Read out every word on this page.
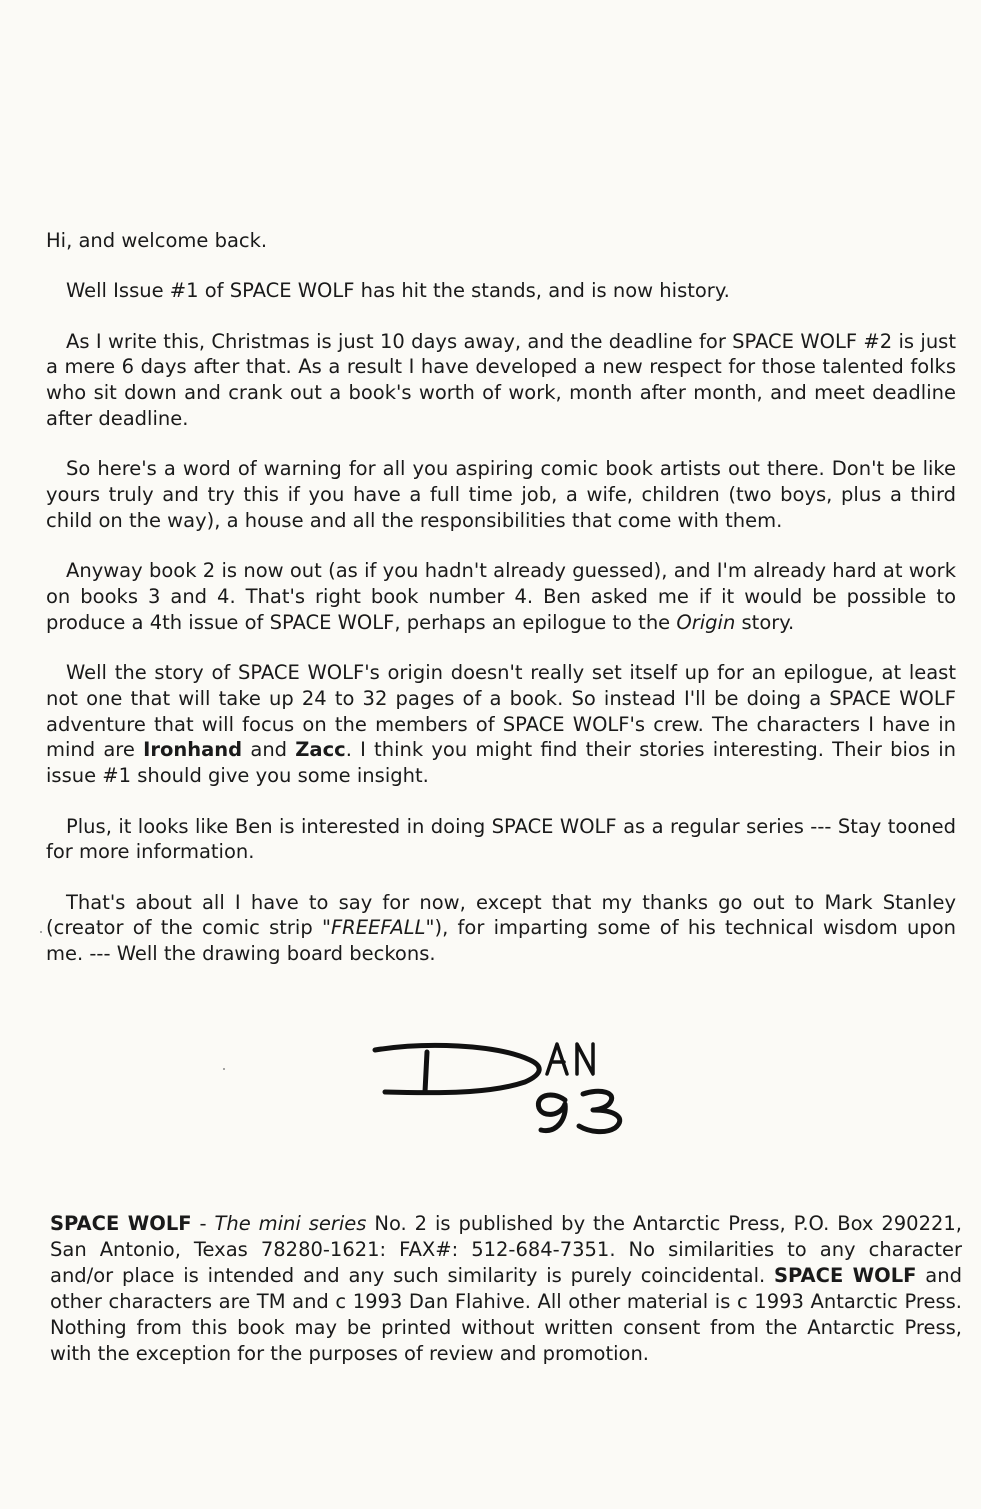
Hi, and welcome back.

Well Issue #1 of SPACE WOLF has hit the stands, and is now history.

As I write this, Christmas is just 10 days away, and the deadline for SPACE WOLF #2 is just a mere 6 days after that. As a result I have developed a new respect for those talented folks who sit down and crank out a book's worth of work, month after month, and meet deadline after deadline.

So here's a word of warning for all you aspiring comic book artists out there. Don't be like yours truly and try this if you have a full time job, a wife, children (two boys, plus a third child on the way), a house and all the responsibilities that come with them.

Anyway book 2 is now out (as if you hadn't already guessed), and I'm already hard at work on books 3 and 4. That's right book number 4. Ben asked me if it would be possible to produce a 4th issue of SPACE WOLF, perhaps an epilogue to the Origin story.

Well the story of SPACE WOLF's origin doesn't really set itself up for an epilogue, at least not one that will take up 24 to 32 pages of a book. So instead I'll be doing a SPACE WOLF adventure that will focus on the members of SPACE WOLF's crew. The characters I have in mind are Ironhand and Zacc. I think you might find their stories interesting. Their bios in issue #1 should give you some insight.

Plus, it looks like Ben is interested in doing SPACE WOLF as a regular series --- Stay tooned for more information.

That's about all I have to say for now, except that my thanks go out to Mark Stanley (creator of the comic strip "FREEFALL"), for imparting some of his technical wisdom upon me. --- Well the drawing board beckons.

SPACE WOLF - The mini series No. 2 is published by the Antarctic Press, P.O. Box 290221, San Antonio, Texas 78280-1621: FAX#: 512-684-7351. No similarities to any character and/or place is intended and any such similarity is purely coincidental. SPACE WOLF and other characters are TM and c 1993 Dan Flahive. All other material is c 1993 Antarctic Press. Nothing from this book may be printed without written consent from the Antarctic Press, with the exception for the purposes of review and promotion.
